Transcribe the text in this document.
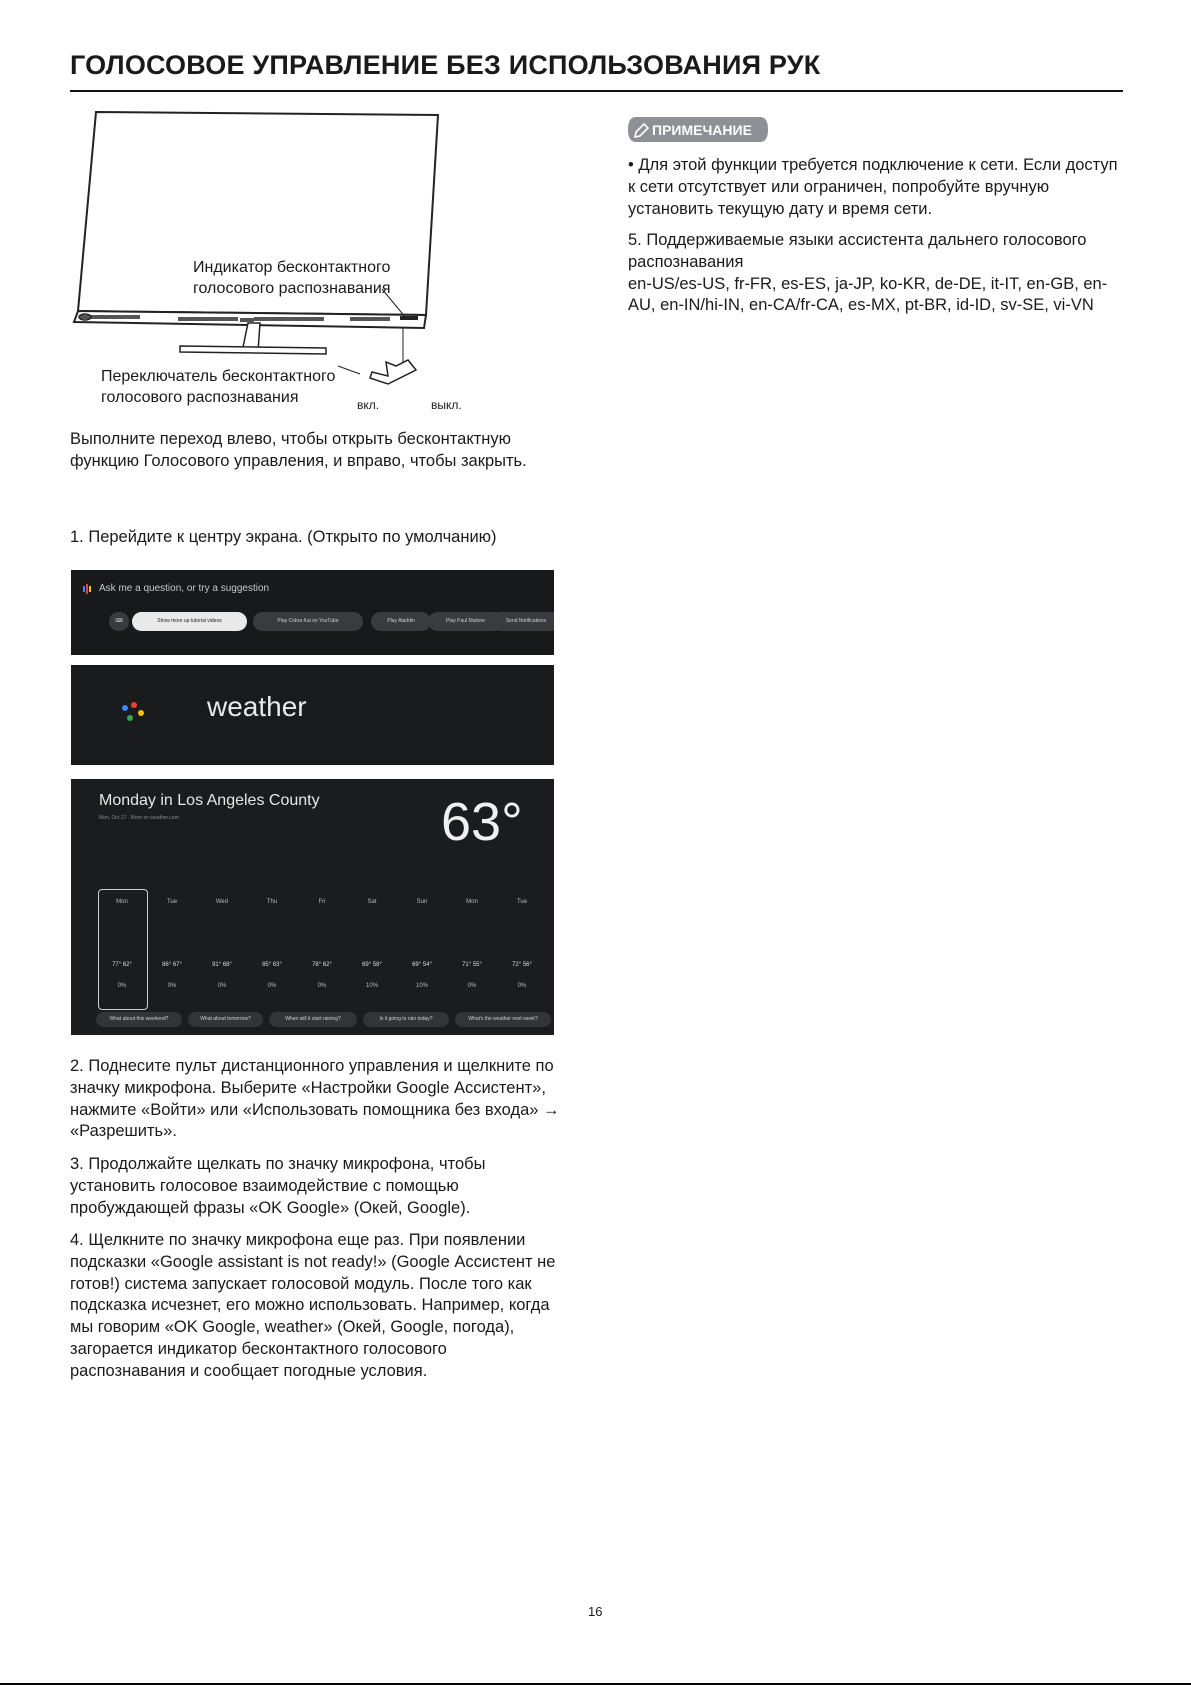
ГОЛОСОВОЕ УПРАВЛЕНИЕ БЕЗ ИСПОЛЬЗОВАНИЯ РУК
Индикатор бесконтактного
голосового распознавания
Переключатель бесконтактного
голосового распознавания	вкл.	выкл.
Выполните переход влево, чтобы открыть бесконтактную функцию Голосового управления, и вправо, чтобы закрыть.
1. Перейдите к центру экрана. (Открыто по умолчанию)
Ask me a question, or try a suggestion
⌨	Show more up tutorial videos	Play Cobra Kai on YouTube	Play Aladdin	Play Paul Malone	Send Notifications
weather
Monday in Los Angeles County
Mon, Oct 17 · More on weather.com	63°
Mon	Tue	Wed	Thu	Fri	Sat	Sun	Mon	Tue
77° 62°	86° 67°	91° 68°	85° 63°	78° 62°	69° 58°	69° 54°	71° 55°	72° 56°
0%	0%	0%	0%	0%	10%	10%	0%	0%
What about this weekend?	What about tomorrow?	When will it start raining?	Is it going to rain today?	What's the weather next week?
2. Поднесите пульт дистанционного управления и щелкните по значку микрофона. Выберите «Настройки Google Ассистент», нажмите «Войти» или «Использовать помощника без входа» → «Разрешить».
3. Продолжайте щелкать по значку микрофона, чтобы установить голосовое взаимодействие с помощью пробуждающей фразы «OK Google» (Окей, Google).
4. Щелкните по значку микрофона еще раз. При появлении подсказки «Google assistant is not ready!» (Google Ассистент не готов!) система запускает голосовой модуль. После того как подсказка исчезнет, его можно использовать. Например, когда мы говорим «OK Google, weather» (Окей, Google, погода), загорается индикатор бесконтактного голосового распознавания и сообщает погодные условия.
ПРИМЕЧАНИЕ
• Для этой функции требуется подключение к сети. Если доступ к сети отсутствует или ограничен, попробуйте вручную установить текущую дату и время сети.
5. Поддерживаемые языки ассистента дальнего голосового распознавания
en-US/es-US, fr-FR, es-ES, ja-JP, ko-KR, de-DE, it-IT, en-GB, en-AU, en-IN/hi-IN, en-CA/fr-CA, es-MX, pt-BR, id-ID, sv-SE, vi-VN
16
